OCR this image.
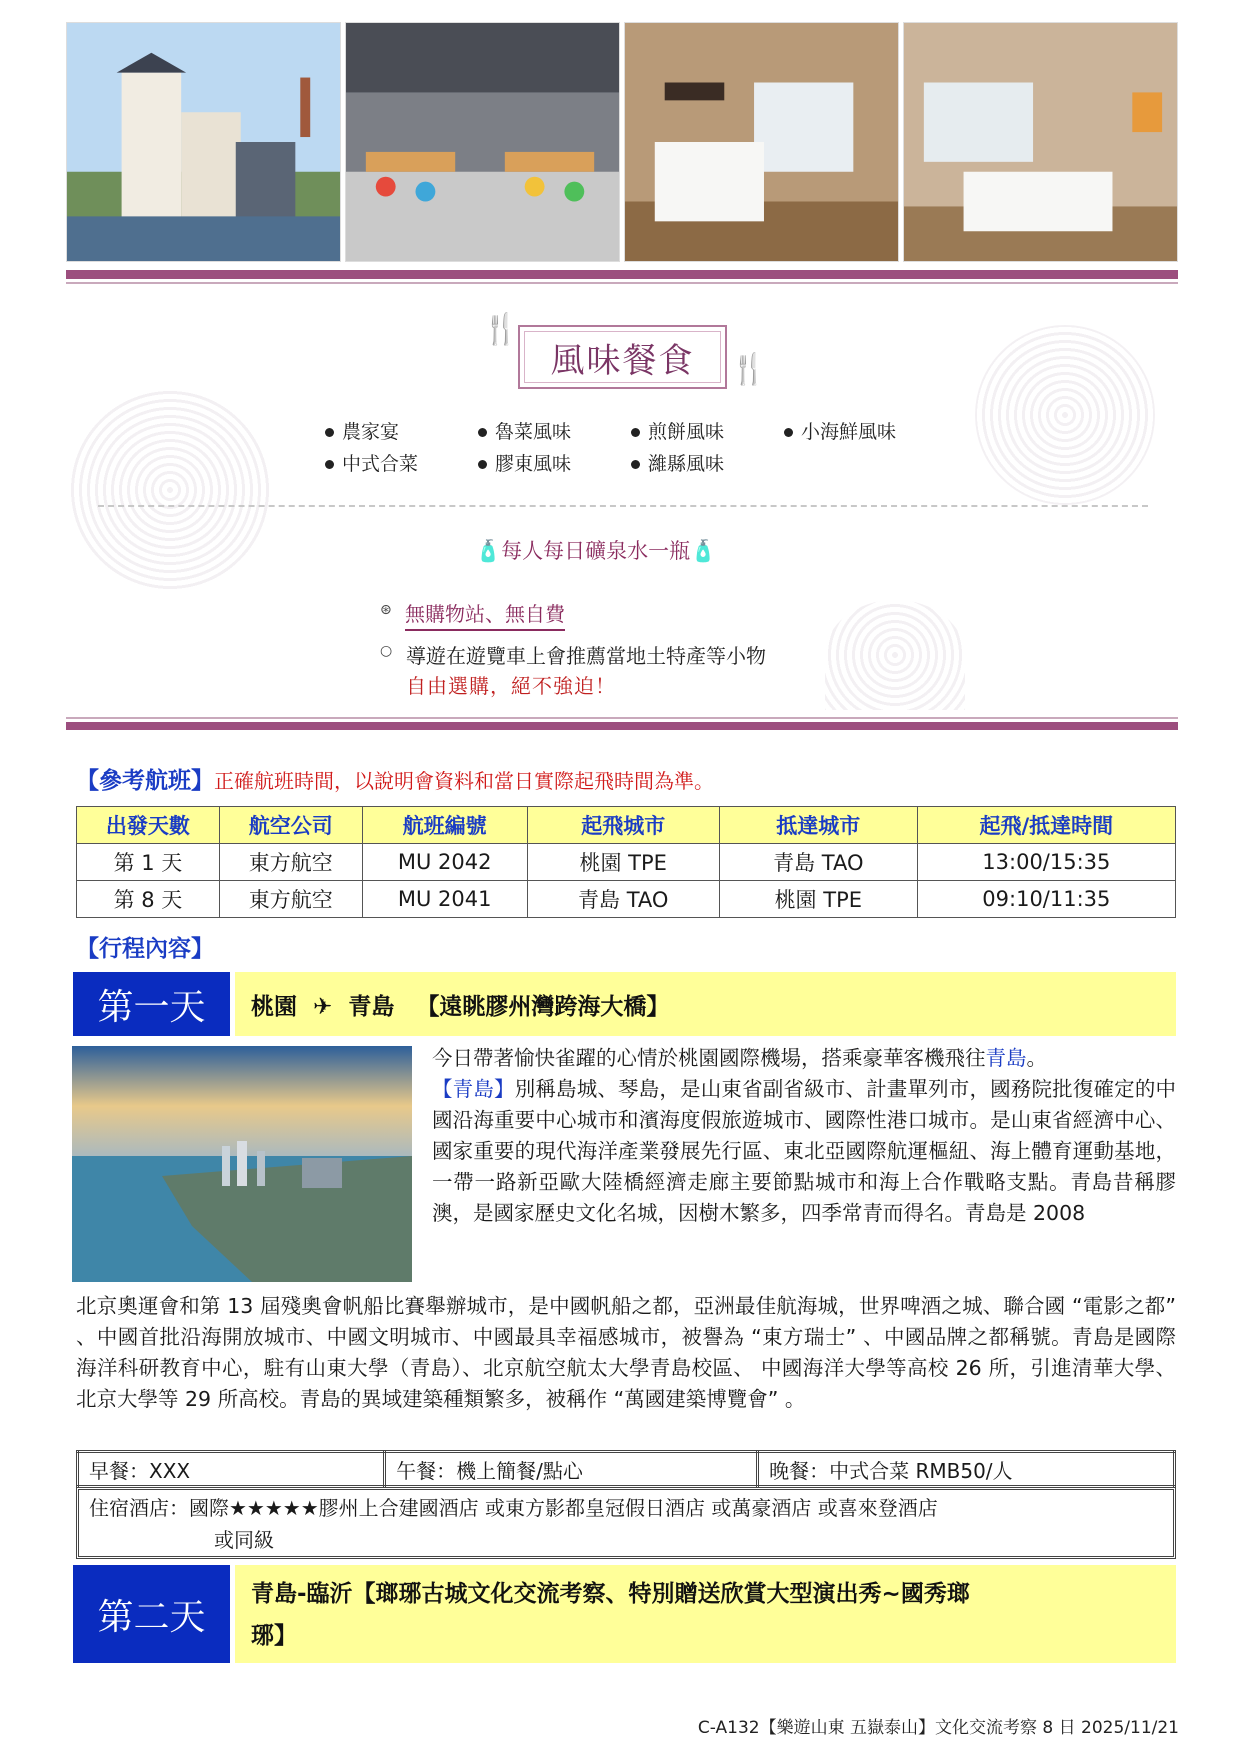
🍴
風味餐食 🍴
農家宴	魯菜風味	煎餅風味	小海鮮風味
中式合菜	膠東風味	濰縣風味
🧴每人每日礦泉水一瓶🧴
⊛ 無購物站、無自費
○ 導遊在遊覽車上會推薦當地土特產等小物
自由選購，絕不強迫！
【參考航班】正確航班時間，以說明會資料和當日實際起飛時間為準。
出發天數	航空公司	航班編號	起飛城市	抵達城市	起飛/抵達時間
第 1 天	東方航空	MU 2042	桃園 TPE	青島 TAO	13:00/15:35
第 8 天	東方航空	MU 2041	青島 TAO	桃園 TPE	09:10/11:35
【行程內容】
第一天	桃園 ✈ 青島 【遠眺膠州灣跨海大橋】
今日帶著愉快雀躍的心情於桃園國際機場，搭乘豪華客機飛往青島。
【青島】別稱島城、琴島，是山東省副省級市、計畫單列市，國務院批復確定的中國沿海重要中心城市和濱海度假旅遊城市、國際性港口城市。是山東省經濟中心、國家重要的現代海洋產業發展先行區、東北亞國際航運樞紐、海上體育運動基地，一帶一路新亞歐大陸橋經濟走廊主要節點城市和海上合作戰略支點。青島昔稱膠澳，是國家歷史文化名城，因樹木繁多，四季常青而得名。青島是 2008
北京奧運會和第 13 屆殘奧會帆船比賽舉辦城市，是中國帆船之都，亞洲最佳航海城，世界啤酒之城、聯合國 “電影之都” 、中國首批沿海開放城市、中國文明城市、中國最具幸福感城市，被譽為 “東方瑞士” 、中國品牌之都稱號。青島是國際海洋科研教育中心，駐有山東大學（青島）、北京航空航太大學青島校區、 中國海洋大學等高校 26 所，引進清華大學、北京大學等 29 所高校。青島的異域建築種類繁多，被稱作 “萬國建築博覽會” 。
早餐：XXX	午餐：機上簡餐/點心	晚餐：中式合菜 RMB50/人
住宿酒店：國際★★★★★膠州上合建國酒店 或東方影都皇冠假日酒店 或萬豪酒店 或喜來登酒店
或同級
第二天
青島-臨沂【瑯琊古城文化交流考察、特別贈送欣賞大型演出秀~國秀瑯
琊】
C-A132【樂遊山東 五嶽泰山】文化交流考察 8 日 2025/11/21
